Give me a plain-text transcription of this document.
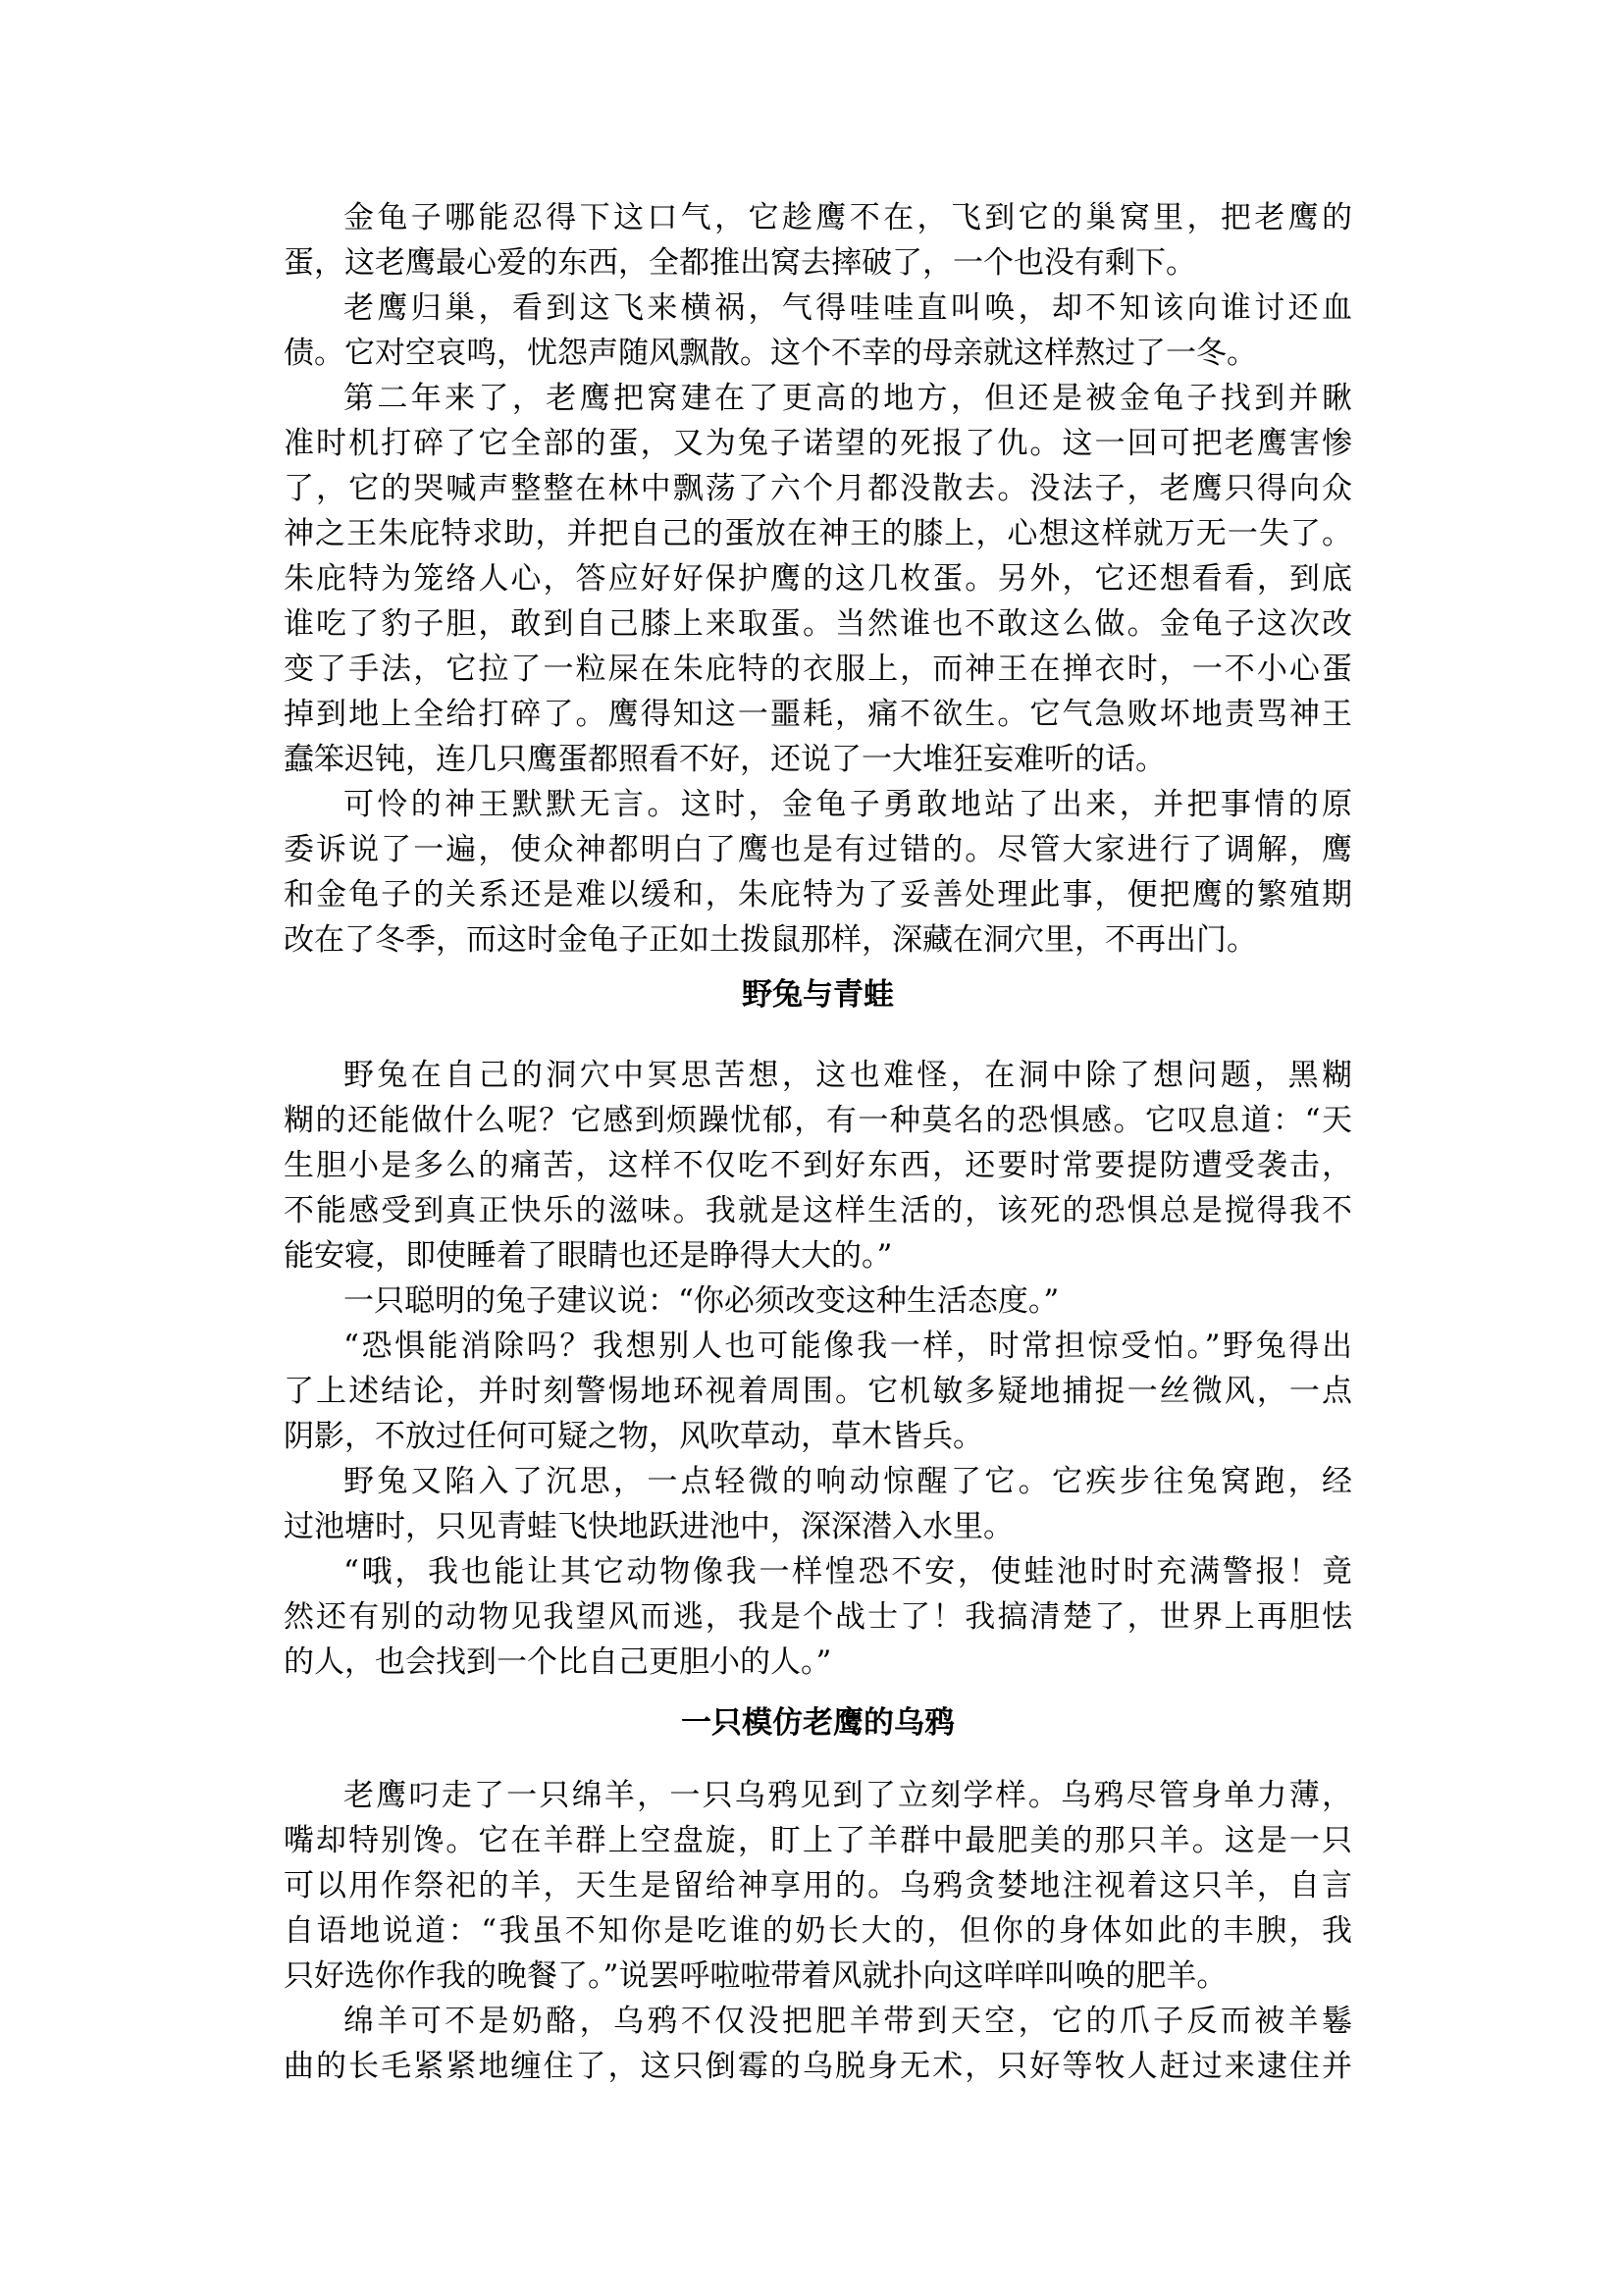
金龟子哪能忍得下这口气，它趁鹰不在，飞到它的巢窝里，把老鹰的
蛋，这老鹰最心爱的东西，全都推出窝去摔破了，一个也没有剩下。
老鹰归巢，看到这飞来横祸，气得哇哇直叫唤，却不知该向谁讨还血
债。它对空哀鸣，忧怨声随风飘散。这个不幸的母亲就这样熬过了一冬。
第二年来了，老鹰把窝建在了更高的地方，但还是被金龟子找到并瞅
准时机打碎了它全部的蛋，又为兔子诺望的死报了仇。这一回可把老鹰害惨
了，它的哭喊声整整在林中飘荡了六个月都没散去。没法子，老鹰只得向众
神之王朱庇特求助，并把自己的蛋放在神王的膝上，心想这样就万无一失了。
朱庇特为笼络人心，答应好好保护鹰的这几枚蛋。另外，它还想看看，到底
谁吃了豹子胆，敢到自己膝上来取蛋。当然谁也不敢这么做。金龟子这次改
变了手法，它拉了一粒屎在朱庇特的衣服上，而神王在掸衣时，一不小心蛋
掉到地上全给打碎了。鹰得知这一噩耗，痛不欲生。它气急败坏地责骂神王
蠢笨迟钝，连几只鹰蛋都照看不好，还说了一大堆狂妄难听的话。
可怜的神王默默无言。这时，金龟子勇敢地站了出来，并把事情的原
委诉说了一遍，使众神都明白了鹰也是有过错的。尽管大家进行了调解，鹰
和金龟子的关系还是难以缓和，朱庇特为了妥善处理此事，便把鹰的繁殖期
改在了冬季，而这时金龟子正如土拨鼠那样，深藏在洞穴里，不再出门。
野兔与青蛙
野兔在自己的洞穴中冥思苦想，这也难怪，在洞中除了想问题，黑糊
糊的还能做什么呢？它感到烦躁忧郁，有一种莫名的恐惧感。它叹息道：“天
生胆小是多么的痛苦，这样不仅吃不到好东西，还要时常要提防遭受袭击，
不能感受到真正快乐的滋味。我就是这样生活的，该死的恐惧总是搅得我不
能安寝，即使睡着了眼睛也还是睁得大大的。”
一只聪明的兔子建议说：“你必须改变这种生活态度。”
“恐惧能消除吗？我想别人也可能像我一样，时常担惊受怕。”野兔得出
了上述结论，并时刻警惕地环视着周围。它机敏多疑地捕捉一丝微风，一点
阴影，不放过任何可疑之物，风吹草动，草木皆兵。
野兔又陷入了沉思，一点轻微的响动惊醒了它。它疾步往兔窝跑，经
过池塘时，只见青蛙飞快地跃进池中，深深潜入水里。
“哦，我也能让其它动物像我一样惶恐不安，使蛙池时时充满警报！竟
然还有别的动物见我望风而逃，我是个战士了！我搞清楚了，世界上再胆怯
的人，也会找到一个比自己更胆小的人。”
一只模仿老鹰的乌鸦
老鹰叼走了一只绵羊，一只乌鸦见到了立刻学样。乌鸦尽管身单力薄，
嘴却特别馋。它在羊群上空盘旋，盯上了羊群中最肥美的那只羊。这是一只
可以用作祭祀的羊，天生是留给神享用的。乌鸦贪婪地注视着这只羊，自言
自语地说道：“我虽不知你是吃谁的奶长大的，但你的身体如此的丰腴，我
只好选你作我的晚餐了。”说罢呼啦啦带着风就扑向这咩咩叫唤的肥羊。
绵羊可不是奶酪，乌鸦不仅没把肥羊带到天空，它的爪子反而被羊鬈
曲的长毛紧紧地缠住了，这只倒霉的乌脱身无术，只好等牧人赶过来逮住并
